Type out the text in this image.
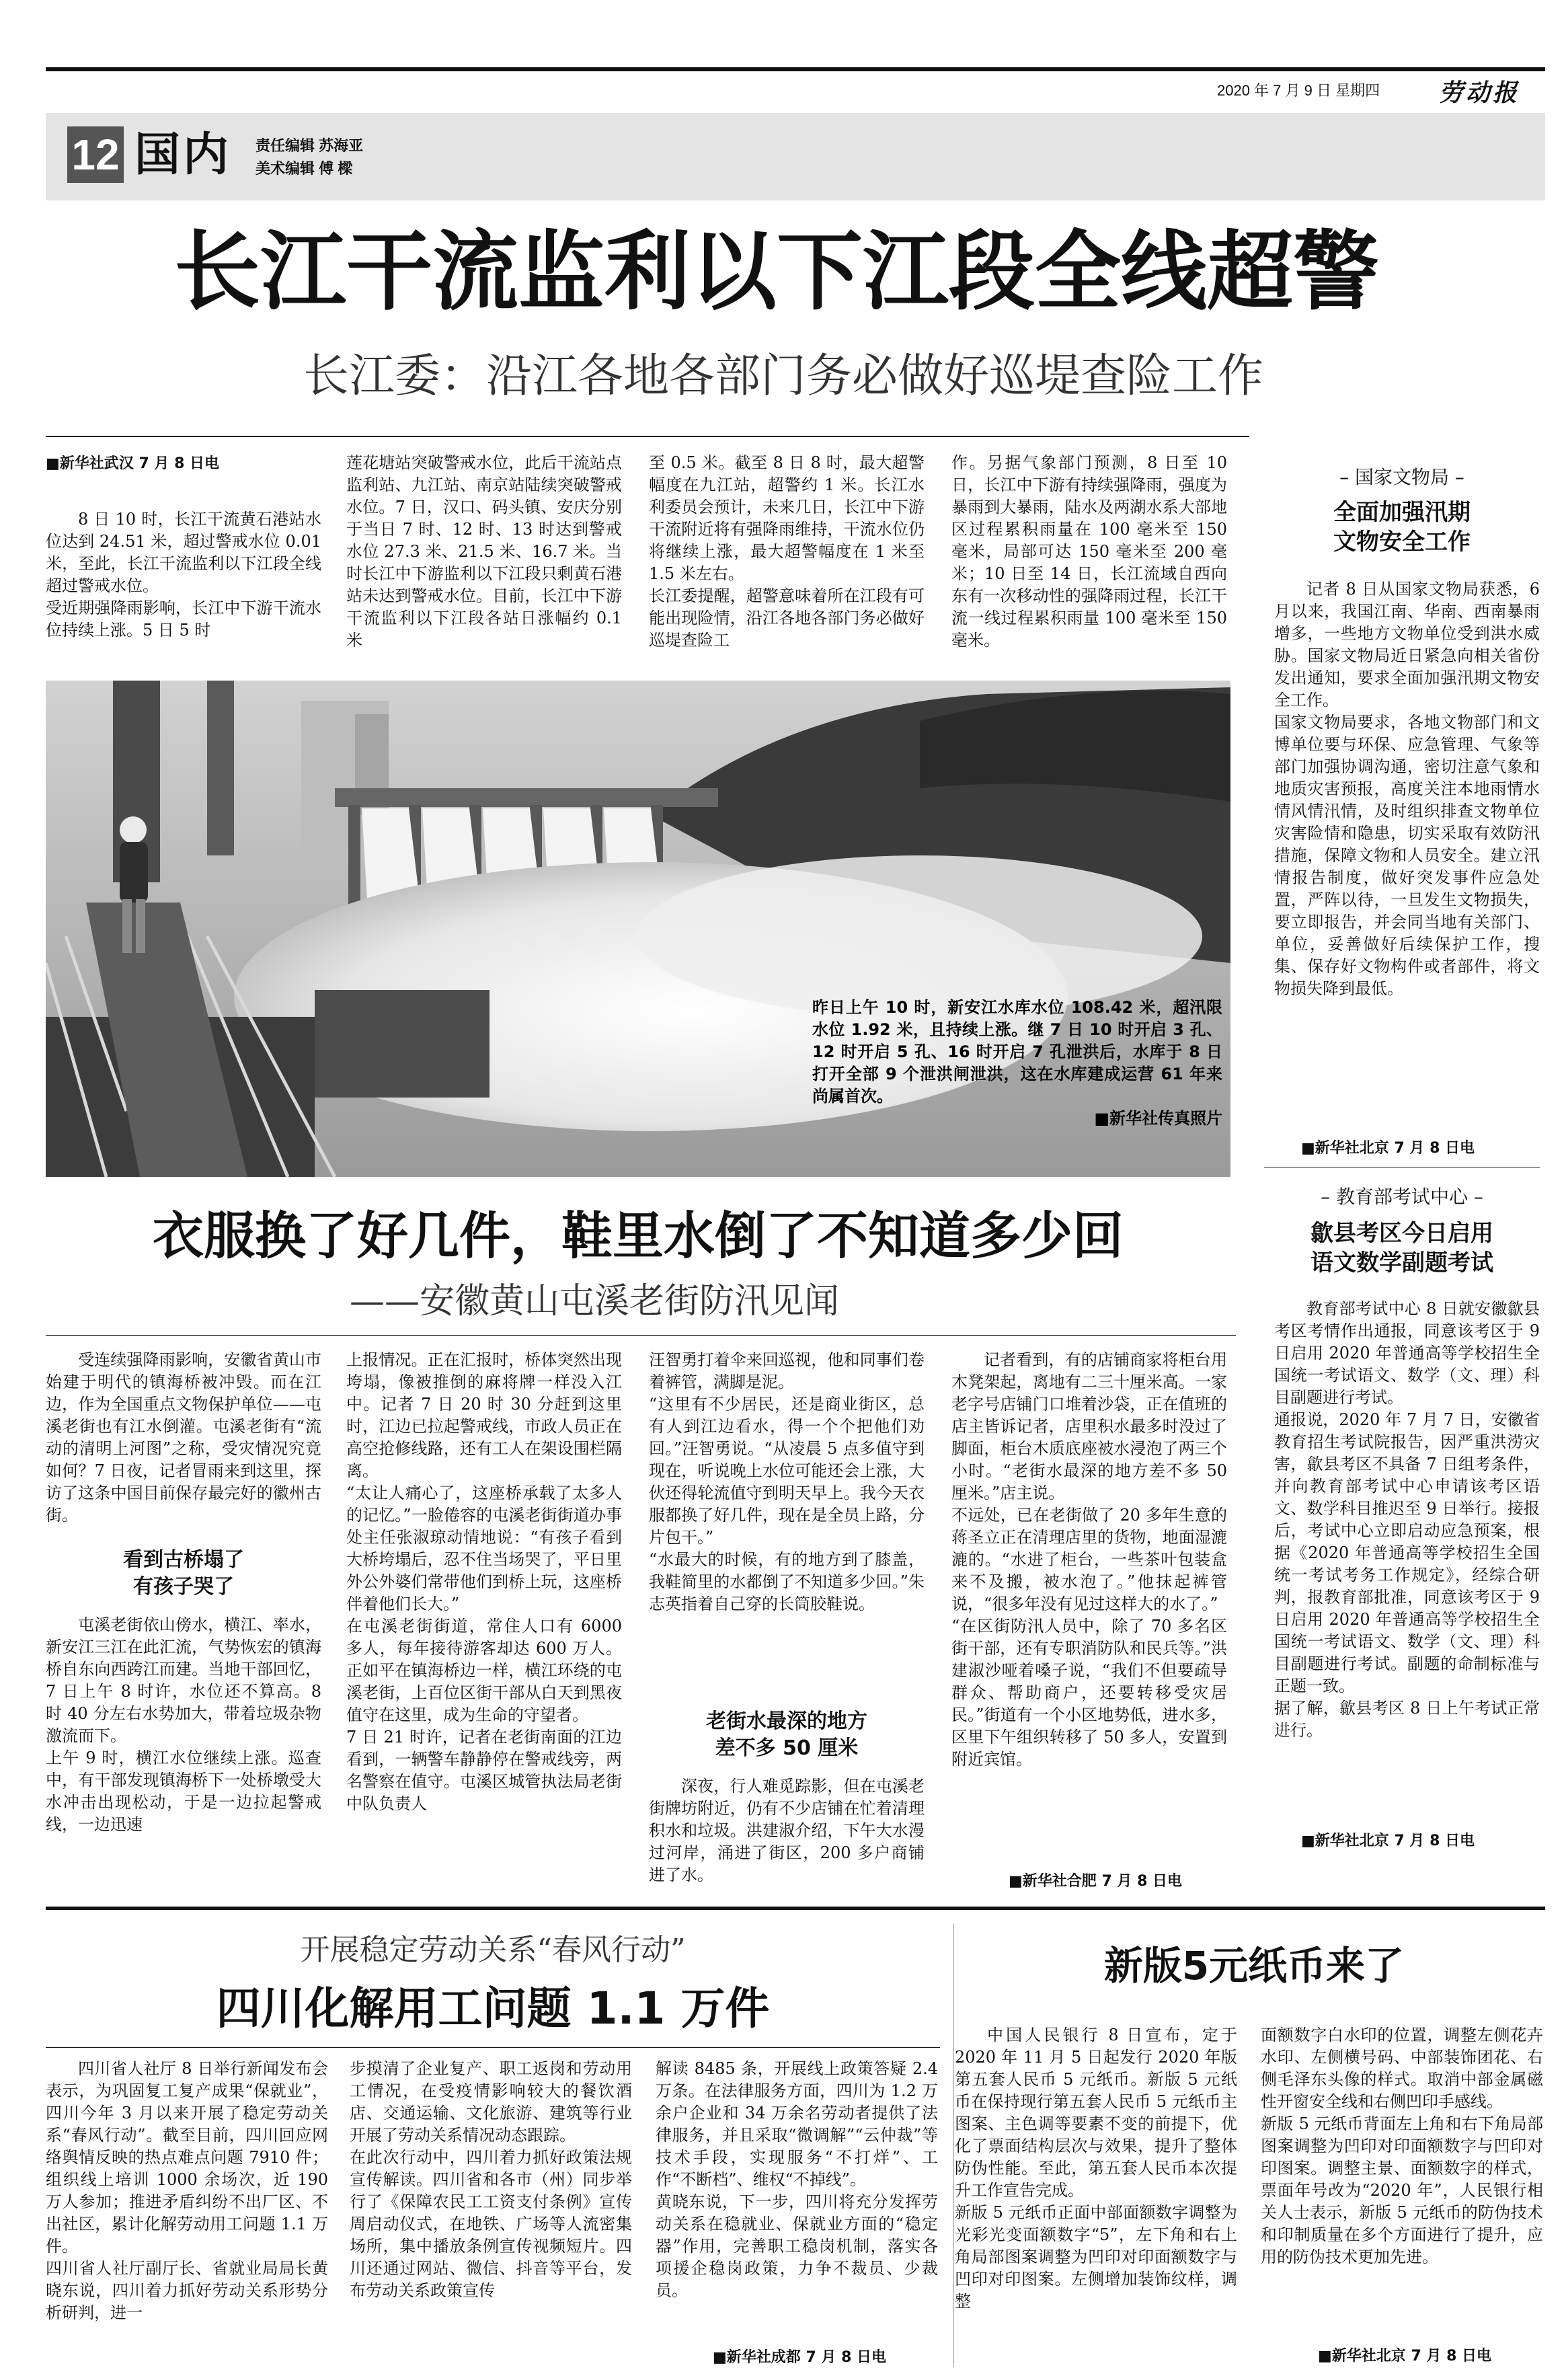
2020 年 7 月 9 日 星期四 劳动报
12 国内 责任编辑 苏海亚
美术编辑 傅 樑
长江干流监利以下江段全线超警
长江委：沿江各地各部门务必做好巡堤查险工作
■新华社武汉 7 月 8 日电
8 日 10 时，长江干流黄石港站水位达到 24.51 米，超过警戒水位 0.01 米，至此，长江干流监利以下江段全线超过警戒水位。
受近期强降雨影响，长江中下游干流水位持续上涨。5 日 5 时
莲花塘站突破警戒水位，此后干流站点监利站、九江站、南京站陆续突破警戒水位。7 日，汉口、码头镇、安庆分别于当日 7 时、12 时、13 时达到警戒水位 27.3 米、21.5 米、16.7 米。当时长江中下游监利以下江段只剩黄石港站未达到警戒水位。目前，长江中下游干流监利以下江段各站日涨幅约 0.1 米
至 0.5 米。截至 8 日 8 时，最大超警幅度在九江站，超警约 1 米。长江水利委员会预计，未来几日，长江中下游干流附近将有强降雨维持，干流水位仍将继续上涨，最大超警幅度在 1 米至 1.5 米左右。
长江委提醒，超警意味着所在江段有可能出现险情，沿江各地各部门务必做好巡堤查险工
作。另据气象部门预测，8 日至 10 日，长江中下游有持续强降雨，强度为暴雨到大暴雨，陆水及两湖水系大部地区过程累积雨量在 100 毫米至 150 毫米，局部可达 150 毫米至 200 毫米；10 日至 14 日，长江流域自西向东有一次移动性的强降雨过程，长江干流一线过程累积雨量 100 毫米至 150 毫米。
昨日上午 10 时，新安江水库水位 108.42 米，超汛限水位 1.92 米，且持续上涨。继 7 日 10 时开启 3 孔、12 时开启 5 孔、16 时开启 7 孔泄洪后，水库于 8 日打开全部 9 个泄洪闸泄洪，这在水库建成运营 61 年来尚属首次。
■新华社传真照片
– 国家文物局 –
全面加强汛期
文物安全工作
记者 8 日从国家文物局获悉，6 月以来，我国江南、华南、西南暴雨增多，一些地方文物单位受到洪水威胁。国家文物局近日紧急向相关省份发出通知，要求全面加强汛期文物安全工作。
国家文物局要求，各地文物部门和文博单位要与环保、应急管理、气象等部门加强协调沟通，密切注意气象和地质灾害预报，高度关注本地雨情水情风情汛情，及时组织排查文物单位灾害险情和隐患，切实采取有效防汛措施，保障文物和人员安全。建立汛情报告制度，做好突发事件应急处置，严阵以待，一旦发生文物损失，要立即报告，并会同当地有关部门、单位，妥善做好后续保护工作，搜集、保存好文物构件或者部件，将文物损失降到最低。
■新华社北京 7 月 8 日电
– 教育部考试中心 –
歙县考区今日启用
语文数学副题考试
教育部考试中心 8 日就安徽歙县考区考情作出通报，同意该考区于 9 日启用 2020 年普通高等学校招生全国统一考试语文、数学（文、理）科目副题进行考试。
通报说，2020 年 7 月 7 日，安徽省教育招生考试院报告，因严重洪涝灾害，歙县考区不具备 7 日组考条件，并向教育部考试中心申请该考区语文、数学科目推迟至 9 日举行。接报后，考试中心立即启动应急预案，根据《2020 年普通高等学校招生全国统一考试考务工作规定》，经综合研判，报教育部批准，同意该考区于 9 日启用 2020 年普通高等学校招生全国统一考试语文、数学（文、理）科目副题进行考试。副题的命制标准与正题一致。
据了解，歙县考区 8 日上午考试正常进行。
■新华社北京 7 月 8 日电
衣服换了好几件，鞋里水倒了不知道多少回
——安徽黄山屯溪老街防汛见闻
受连续强降雨影响，安徽省黄山市始建于明代的镇海桥被冲毁。而在江边，作为全国重点文物保护单位——屯溪老街也有江水倒灌。屯溪老街有“流动的清明上河图”之称，受灾情况究竟如何？7 日夜，记者冒雨来到这里，探访了这条中国目前保存最完好的徽州古街。
看到古桥塌了
有孩子哭了
屯溪老街依山傍水，横江、率水，新安江三江在此汇流，气势恢宏的镇海桥自东向西跨江而建。当地干部回忆，7 日上午 8 时许，水位还不算高。8 时 40 分左右水势加大，带着垃圾杂物激流而下。
上午 9 时，横江水位继续上涨。巡查中，有干部发现镇海桥下一处桥墩受大水冲击出现松动，于是一边拉起警戒线，一边迅速
上报情况。正在汇报时，桥体突然出现垮塌，像被推倒的麻将牌一样没入江中。记者 7 日 20 时 30 分赶到这里时，江边已拉起警戒线，市政人员正在高空抢修线路，还有工人在架设围栏隔离。
“太让人痛心了，这座桥承载了太多人的记忆。”一脸倦容的屯溪老街街道办事处主任张淑琼动情地说：“有孩子看到大桥垮塌后，忍不住当场哭了，平日里外公外婆们常带他们到桥上玩，这座桥伴着他们长大。”
在屯溪老街街道，常住人口有 6000 多人，每年接待游客却达 600 万人。正如平在镇海桥边一样，横江环绕的屯溪老街，上百位区街干部从白天到黑夜值守在这里，成为生命的守望者。
7 日 21 时许，记者在老街南面的江边看到，一辆警车静静停在警戒线旁，两名警察在值守。屯溪区城管执法局老街中队负责人
汪智勇打着伞来回巡视，他和同事们卷着裤管，满脚是泥。
“这里有不少居民，还是商业街区，总有人到江边看水，得一个个把他们劝回。”汪智勇说。“从凌晨 5 点多值守到现在，听说晚上水位可能还会上涨，大伙还得轮流值守到明天早上。我今天衣服都换了好几件，现在是全员上路，分片包干。”
“水最大的时候，有的地方到了膝盖，我鞋简里的水都倒了不知道多少回。”朱志英指着自己穿的长筒胶鞋说。
老街水最深的地方
差不多 50 厘米
深夜，行人难觅踪影，但在屯溪老街牌坊附近，仍有不少店铺在忙着清理积水和垃圾。洪建淑介绍，下午大水漫过河岸，涌进了街区，200 多户商铺进了水。
记者看到，有的店铺商家将柜台用木凳架起，离地有二三十厘米高。一家老字号店铺门口堆着沙袋，正在值班的店主皆诉记者，店里积水最多时没过了脚面，柜台木质底座被水浸泡了两三个小时。“老街水最深的地方差不多 50 厘米。”店主说。
不远处，已在老街做了 20 多年生意的蒋圣立正在清理店里的货物，地面湿漉漉的。“水进了柜台，一些茶叶包装盒来不及搬，被水泡了。”他抹起裤管说，“很多年没有见过这样大的水了。”
“在区街防汛人员中，除了 70 多名区街干部，还有专职消防队和民兵等。”洪建淑沙哑着嗓子说，“我们不但要疏导群众、帮助商户，还要转移受灾居民。”街道有一个小区地势低，进水多，区里下午组织转移了 50 多人，安置到附近宾馆。
■新华社合肥 7 月 8 日电
开展稳定劳动关系“春风行动”
四川化解用工问题 1.1 万件
四川省人社厅 8 日举行新闻发布会表示，为巩固复工复产成果“保就业”，四川今年 3 月以来开展了稳定劳动关系“春风行动”。截至目前，四川回应网络舆情反映的热点难点问题 7910 件；组织线上培训 1000 余场次，近 190 万人参加；推进矛盾纠纷不出厂区、不出社区，累计化解劳动用工问题 1.1 万件。
四川省人社厅副厅长、省就业局局长黄晓东说，四川着力抓好劳动关系形势分析研判，进一
步摸清了企业复产、职工返岗和劳动用工情况，在受疫情影响较大的餐饮酒店、交通运输、文化旅游、建筑等行业开展了劳动关系情况动态跟踪。
在此次行动中，四川着力抓好政策法规宣传解读。四川省和各市（州）同步举行了《保障农民工工资支付条例》宣传周启动仪式，在地铁、广场等人流密集场所，集中播放条例宣传视频短片。四川还通过网站、微信、抖音等平台，发布劳动关系政策宣传
解读 8485 条，开展线上政策答疑 2.4 万条。在法律服务方面，四川为 1.2 万余户企业和 34 万余名劳动者提供了法律服务，并且采取“微调解”“云仲裁”等技术手段，实现服务“不打烊”、工作“不断档”、维权“不掉线”。
黄晓东说，下一步，四川将充分发挥劳动关系在稳就业、保就业方面的“稳定器”作用，完善职工稳岗机制，落实各项援企稳岗政策，力争不裁员、少裁员。
■新华社成都 7 月 8 日电
新版5元纸币来了
中国人民银行 8 日宣布，定于 2020 年 11 月 5 日起发行 2020 年版第五套人民币 5 元纸币。新版 5 元纸币在保持现行第五套人民币 5 元纸币主图案、主色调等要素不变的前提下，优化了票面结构层次与效果，提升了整体防伪性能。至此，第五套人民币本次提升工作宣告完成。
新版 5 元纸币正面中部面额数字调整为光彩光变面额数字“5”，左下角和右上角局部图案调整为凹印对印面额数字与凹印对印图案。左侧增加装饰纹样，调整
面额数字白水印的位置，调整左侧花卉水印、左侧横号码、中部装饰团花、右侧毛泽东头像的样式。取消中部金属磁性开窗安全线和右侧凹印手感线。
新版 5 元纸币背面左上角和右下角局部图案调整为凹印对印面额数字与凹印对印图案。调整主景、面额数字的样式，票面年号改为“2020 年”，人民银行相关人士表示，新版 5 元纸币的防伪技术和印制质量在多个方面进行了提升，应用的防伪技术更加先进。
■新华社北京 7 月 8 日电
